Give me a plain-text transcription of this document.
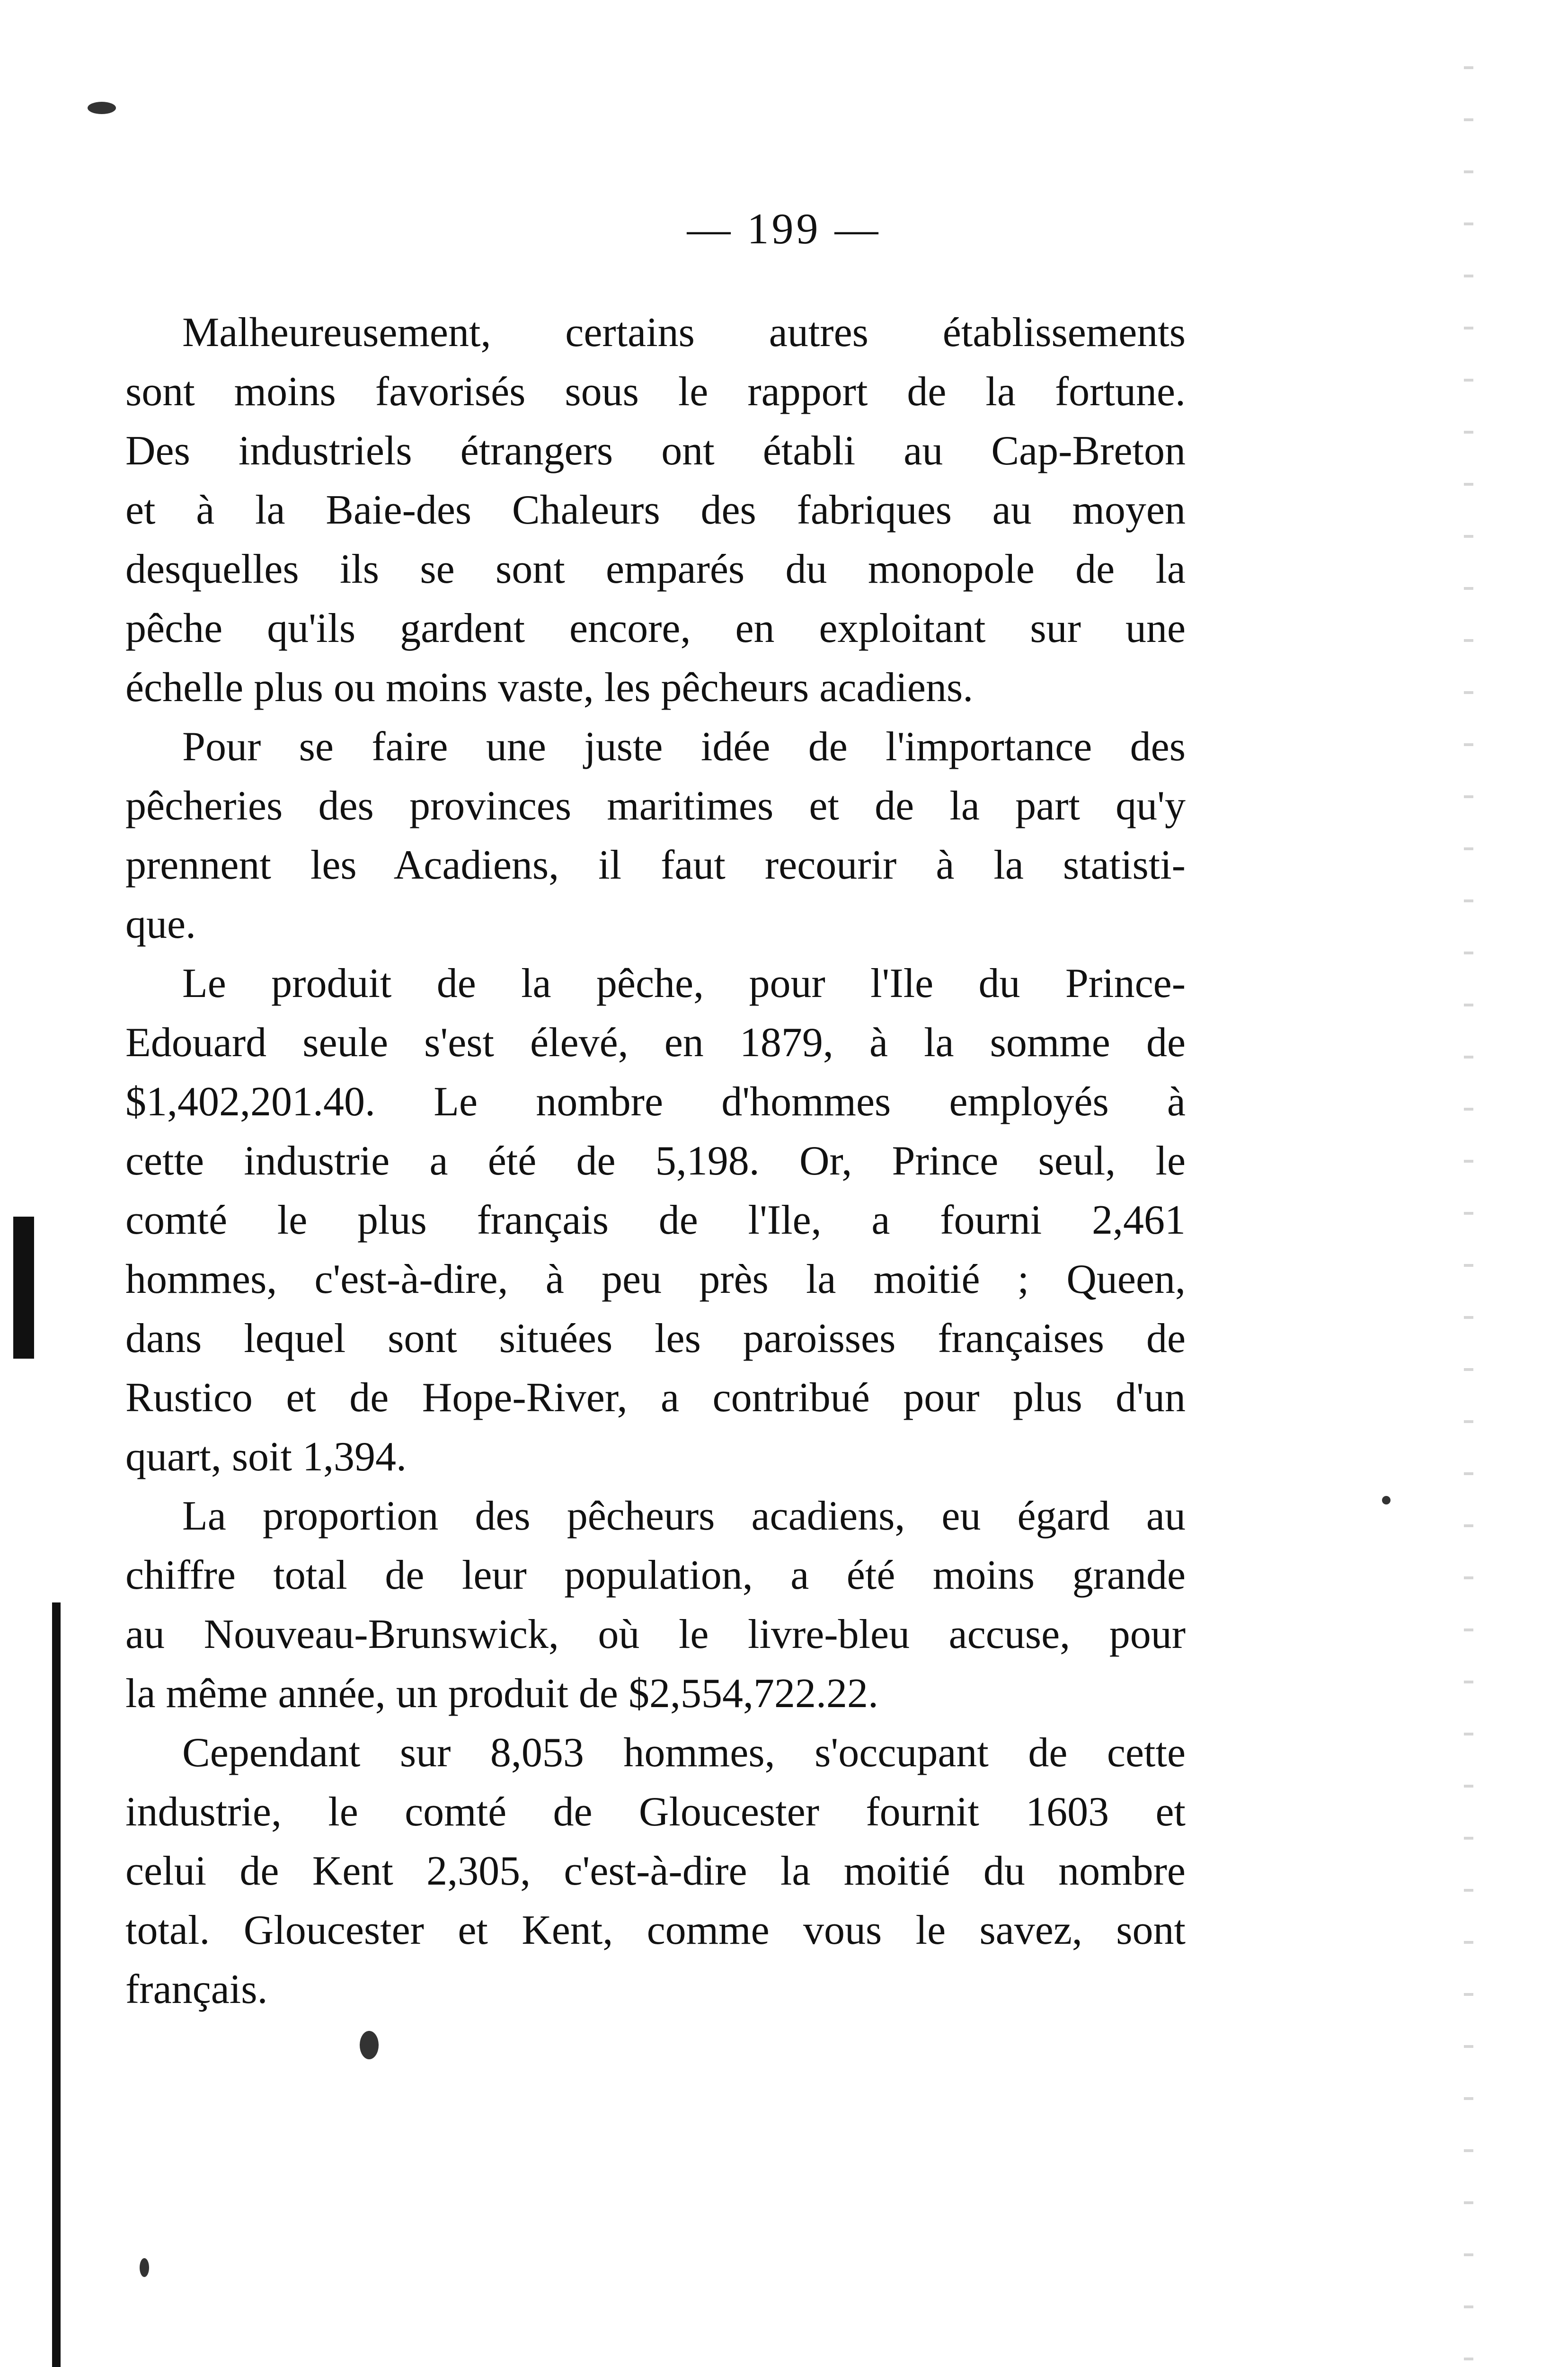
— 199 —
Malheureusement, certains autres établissements
sont moins favorisés sous le rapport de la fortune.
Des industriels étrangers ont établi au Cap-Breton
et à la Baie-des Chaleurs des fabriques au moyen
desquelles ils se sont emparés du monopole de la
pêche qu'ils gardent encore, en exploitant sur une
échelle plus ou moins vaste, les pêcheurs acadiens.
Pour se faire une juste idée de l'importance des
pêcheries des provinces maritimes et de la part qu'y
prennent les Acadiens, il faut recourir à la statisti-
que.
Le produit de la pêche, pour l'Ile du Prince-
Edouard seule s'est élevé, en 1879, à la somme de
$1,402,201.40. Le nombre d'hommes employés à
cette industrie a été de 5,198. Or, Prince seul, le
comté le plus français de l'Ile, a fourni 2,461
hommes, c'est-à-dire, à peu près la moitié ; Queen,
dans lequel sont situées les paroisses françaises de
Rustico et de Hope-River, a contribué pour plus d'un
quart, soit 1,394.
La proportion des pêcheurs acadiens, eu égard au
chiffre total de leur population, a été moins grande
au Nouveau-Brunswick, où le livre-bleu accuse, pour
la même année, un produit de $2,554,722.22.
Cependant sur 8,053 hommes, s'occupant de cette
industrie, le comté de Gloucester fournit 1603 et
celui de Kent 2,305, c'est-à-dire la moitié du nombre
total. Gloucester et Kent, comme vous le savez, sont
français.
